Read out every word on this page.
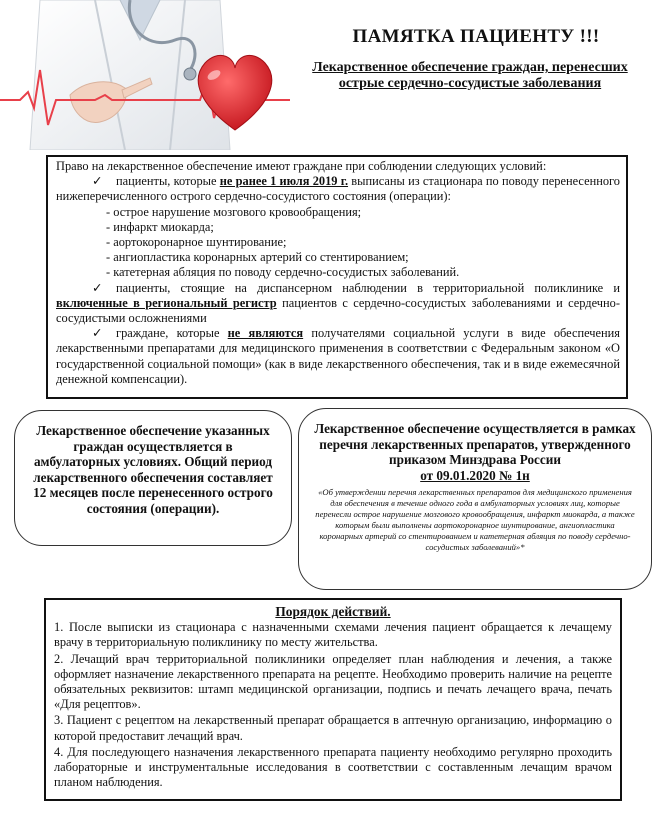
ПАМЯТКА ПАЦИЕНТУ !!!
Лекарственное обеспечение граждан, перенесших острые сердечно-сосудистые заболевания

Право на лекарственное обеспечение имеют граждане при соблюдении следующих условий:

✓ пациенты, которые не ранее 1 июля 2019 г. выписаны из стационара по поводу перенесенного нижеперечисленного острого сердечно-сосудистого состояния (операции):

- острое нарушение мозгового кровообращения;

- инфаркт миокарда;

- аортокоронарное шунтирование;

- ангиопластика коронарных артерий со стентированием;

- катетерная абляция по поводу сердечно-сосудистых заболеваний.

✓ пациенты, стоящие на диспансерном наблюдении в территориальной поликлинике и включенные в региональный регистр пациентов с сердечно-сосудистых заболеваниями и сердечно-сосудистыми осложнениями

✓ граждане, которые не являются получателями социальной услуги в виде обеспечения лекарственными препаратами для медицинского применения в соответствии с Федеральным законом «О государственной социальной помощи» (как в виде лекарственного обеспечения, так и в виде ежемесячной денежной компенсации).

Лекарственное обеспечение указанных граждан осуществляется в амбулаторных условиях. Общий период лекарственного обеспечения составляет 12 месяцев после перенесенного острого состояния (операции).
Лекарственное обеспечение осуществляется в рамках перечня лекарственных препаратов, утвержденного приказом Минздрава России
от 09.01.2020 № 1н
«Об утверждении перечня лекарственных препаратов для медицинского применения для обеспечения в течение одного года в амбулаторных условиях лиц, которые перенесли острое нарушение мозгового кровообращения, инфаркт миокарда, а также которым были выполнены аортокоронарное шунтирование, ангиопластика коронарных артерий со стентированием и катетерная абляция по поводу сердечно-сосудистых заболеваний»*
Порядок действий.

1. После выписки из стационара с назначенными схемами лечения пациент обращается к лечащему врачу в территориальную поликлинику по месту жительства.

2. Лечащий врач территориальной поликлиники определяет план наблюдения и лечения, а также оформляет назначение лекарственного препарата на рецепте. Необходимо проверить наличие на рецепте обязательных реквизитов: штамп медицинской организации, подпись и печать лечащего врача, печать «Для рецептов».

3. Пациент с рецептом на лекарственный препарат обращается в аптечную организацию, информацию о которой предоставит лечащий врач.

4. Для последующего назначения лекарственного препарата пациенту необходимо регулярно проходить лабораторные и инструментальные исследования в соответствии с составленным лечащим врачом планом наблюдения.
